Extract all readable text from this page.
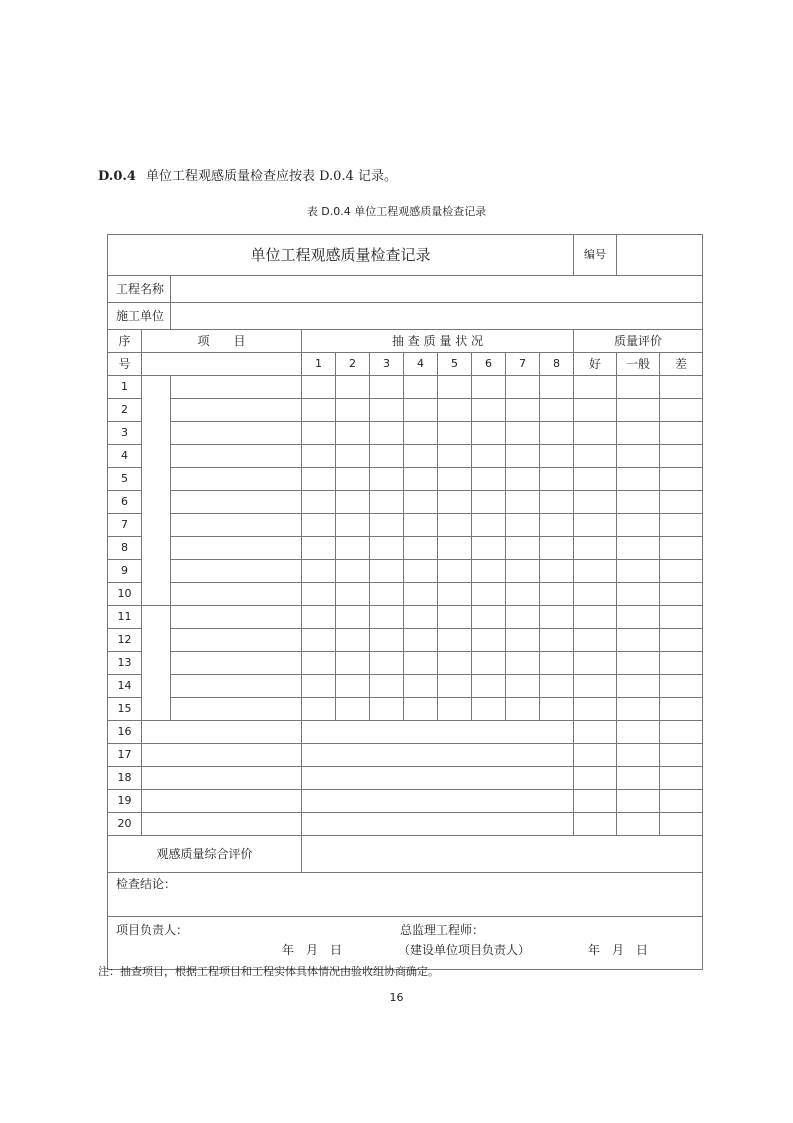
D.0.4 单位工程观感质量检查应按表 D.0.4 记录。
表 D.0.4 单位工程观感质量检查记录
单位工程观感质量检查记录											编号		
工程名称													
施工单位													
序	项　　目		抽 查 质 量 状 况								质量评价		
号			1	2	3	4	5	6	7	8	好	一般	差
1													
2													
3													
4													
5													
6													
7													
8													
9													
10													
11													
12													
13													
14													
15													
16													
17													
18													
19													
20													
观感质量综合评价													
检查结论：													

项目负责人： 总监理工程师：
年　月　日 （建设单位项目负责人） 年　月　日													
注：抽查项目，根据工程项目和工程实体具体情况由验收组协商确定。
16
